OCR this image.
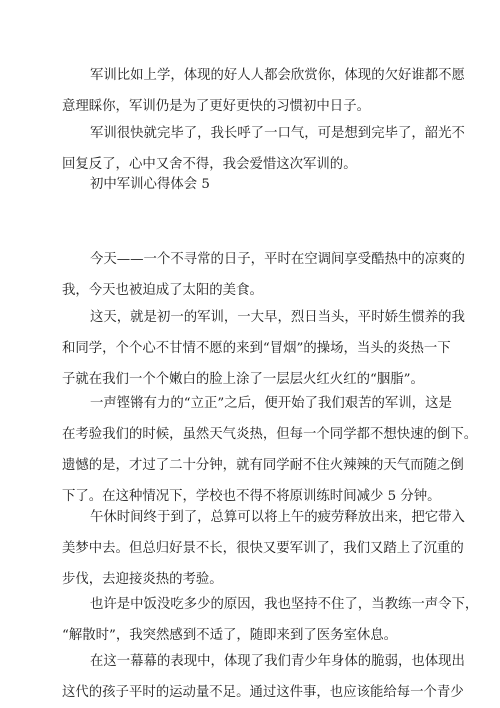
军训比如上学，体现的好人人都会欣赏你，体现的欠好谁都不愿
意理睬你，军训仍是为了更好更快的习惯初中日子。
军训很快就完毕了，我长呼了一口气，可是想到完毕了，韶光不
回复反了，心中又舍不得，我会爱惜这次军训的。
初中军训心得体会 5
今天——一个不寻常的日子，平时在空调间享受酷热中的凉爽的
我，今天也被迫成了太阳的美食。
这天，就是初一的军训，一大早，烈日当头，平时娇生惯养的我
和同学，个个心不甘情不愿的来到“冒烟”的操场，当头的炎热一下
子就在我们一个个嫩白的脸上涂了一层层火红火红的“胭脂”。
一声铿锵有力的“立正”之后，便开始了我们艰苦的军训，这是
在考验我们的时候，虽然天气炎热，但每一个同学都不想快速的倒下。
遗憾的是，才过了二十分钟，就有同学耐不住火辣辣的天气而随之倒
下了。在这种情况下，学校也不得不将原训练时间减少 5 分钟。
午休时间终于到了，总算可以将上午的疲劳释放出来，把它带入
美梦中去。但总归好景不长，很快又要军训了，我们又踏上了沉重的
步伐，去迎接炎热的考验。
也许是中饭没吃多少的原因，我也坚持不住了，当教练一声令下，
“解散时”，我突然感到不适了，随即来到了医务室休息。
在这一幕幕的表现中，体现了我们青少年身体的脆弱，也体现出
这代的孩子平时的运动量不足。通过这件事，也应该能给每一个青少
